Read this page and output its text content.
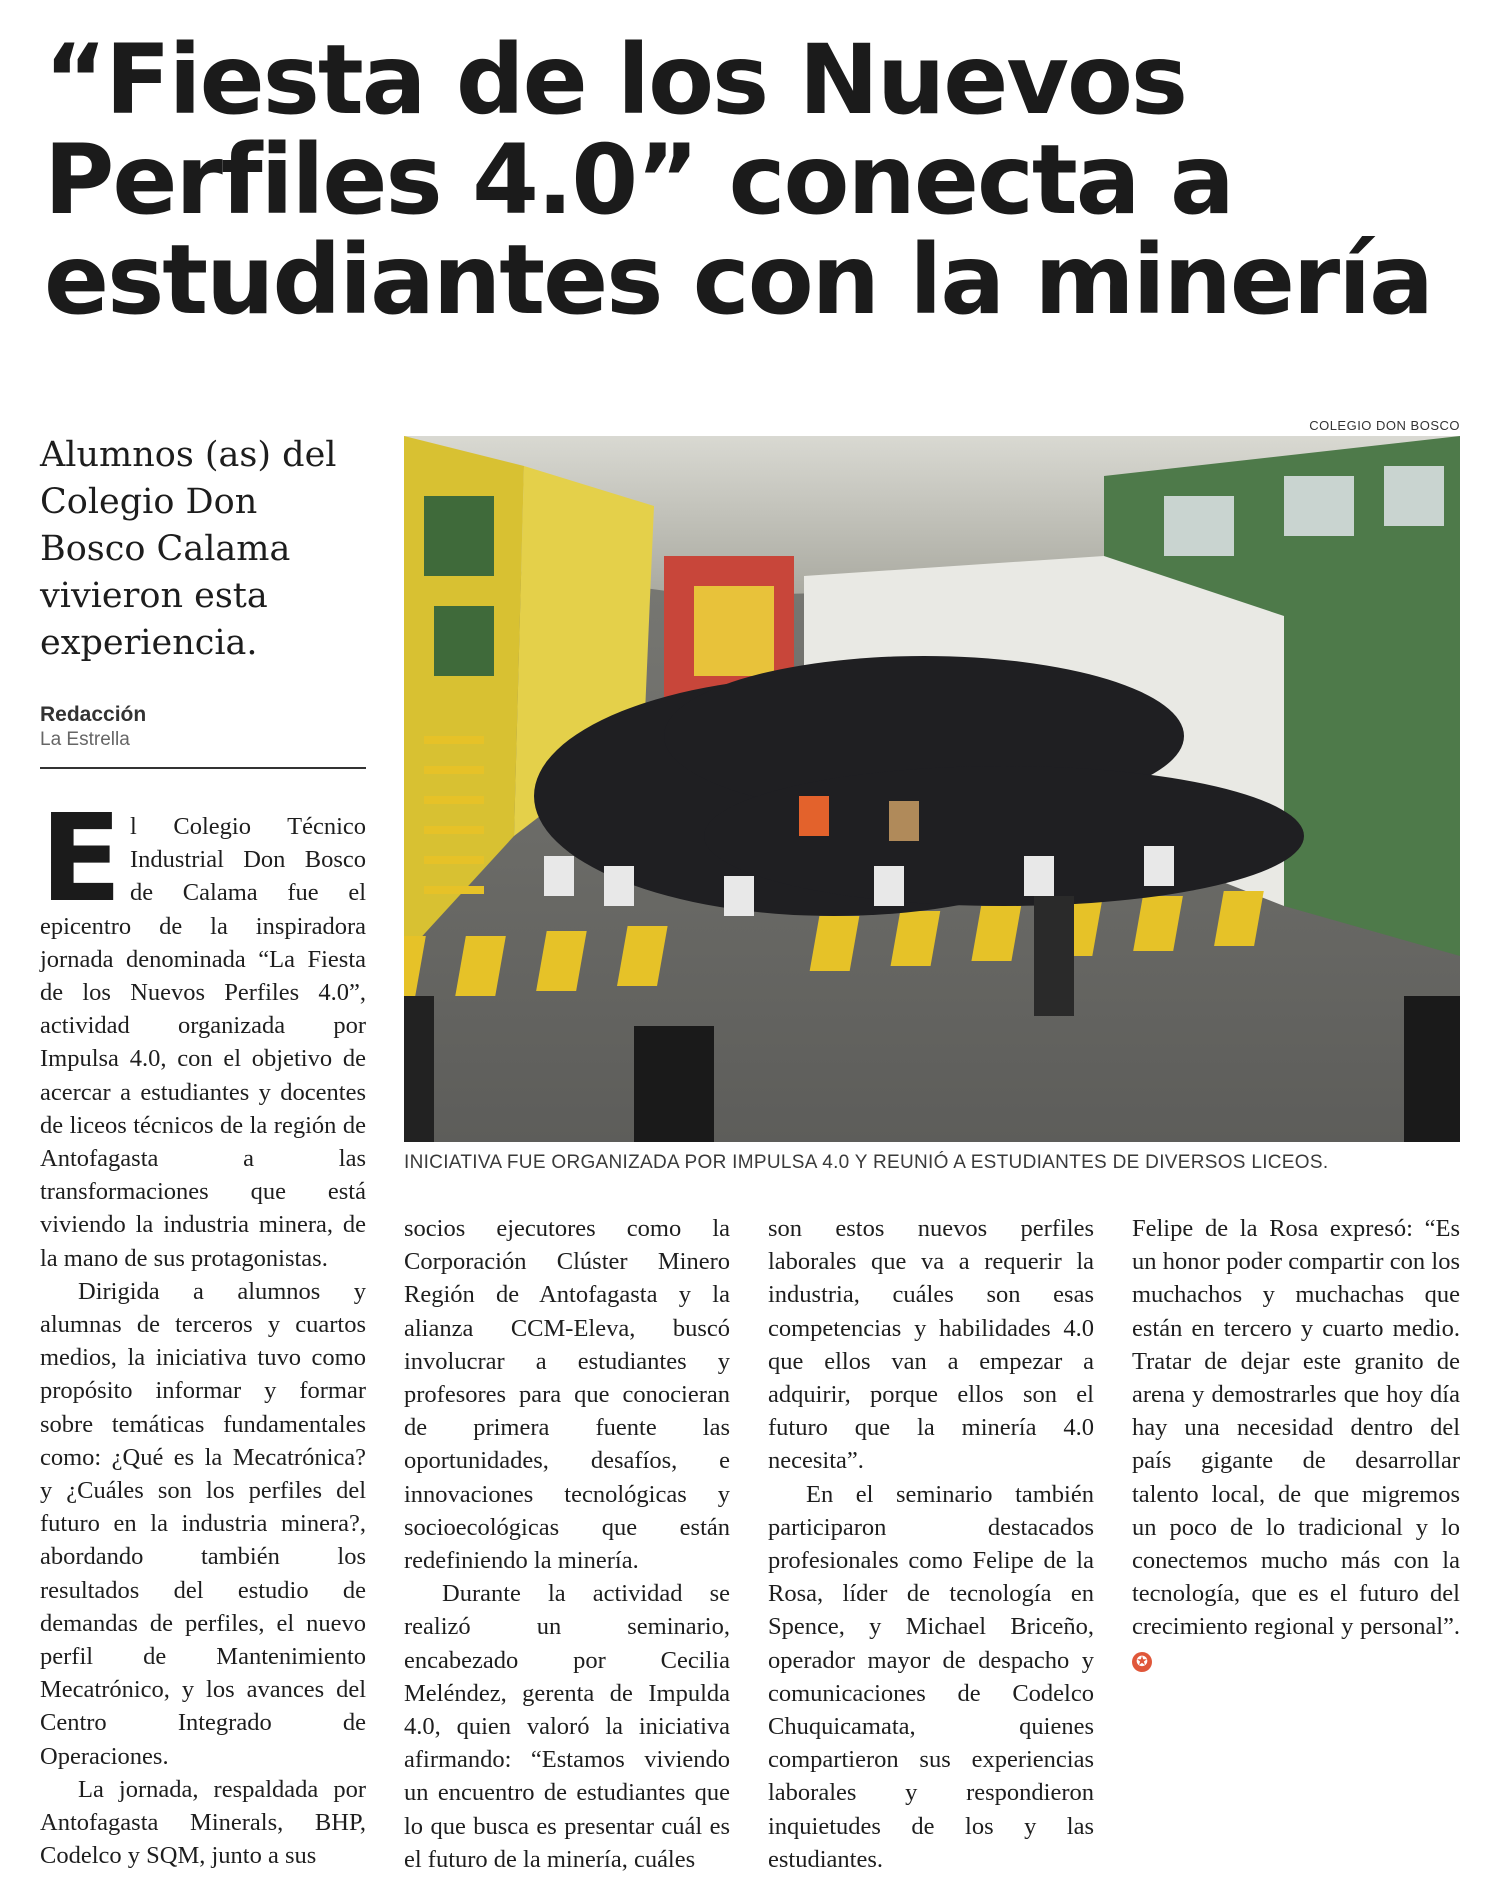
“Fiesta de los Nuevos
Perfiles 4.0” conecta a
estudiantes con la minería
COLEGIO DON BOSCO
INICIATIVA FUE ORGANIZADA POR IMPULSA 4.0 Y REUNIÓ A ESTUDIANTES DE DIVERSOS LICEOS.
Alumnos (as) del Colegio Don Bosco Calama vivieron esta experiencia.
Redacción
La Estrella

El Colegio Técnico Industrial Don Bosco de Calama fue el epicentro de la inspiradora jornada denominada “La Fiesta de los Nuevos Perfiles 4.0”, actividad organizada por Impulsa 4.0, con el objetivo de acercar a estudiantes y docentes de liceos técnicos de la región de Antofagasta a las transformaciones que está viviendo la industria minera, de la mano de sus protagonistas.

Dirigida a alumnos y alumnas de terceros y cuartos medios, la iniciativa tuvo como propósito informar y formar sobre temáticas fundamentales como: ¿Qué es la Mecatrónica? y ¿Cuáles son los perfiles del futuro en la industria minera?, abordando también los resultados del estudio de demandas de perfiles, el nuevo perfil de Mantenimiento Mecatrónico, y los avances del Centro Integrado de Operaciones.

La jornada, respaldada por Antofagasta Minerals, BHP, Codelco y SQM, junto a sus

socios ejecutores como la Corporación Clúster Minero Región de Antofagasta y la alianza CCM-Eleva, buscó involucrar a estudiantes y profesores para que conocieran de primera fuente las oportunidades, desafíos, e innovaciones tecnológicas y socioecológicas que están redefiniendo la minería.

Durante la actividad se realizó un seminario, encabezado por Cecilia Meléndez, gerenta de Impulda 4.0, quien valoró la iniciativa afirmando: “Estamos viviendo un encuentro de estudiantes que lo que busca es presentar cuál es el futuro de la minería, cuáles

son estos nuevos perfiles laborales que va a requerir la industria, cuáles son esas competencias y habilidades 4.0 que ellos van a empezar a adquirir, porque ellos son el futuro que la minería 4.0 necesita”.

En el seminario también participaron destacados profesionales como Felipe de la Rosa, líder de tecnología en Spence, y Michael Briceño, operador mayor de despacho y comunicaciones de Codelco Chuquicamata, quienes compartieron sus experiencias laborales y respondieron inquietudes de los y las estudiantes.

Felipe de la Rosa expresó: “Es un honor poder compartir con los muchachos y muchachas que están en tercero y cuarto medio. Tratar de dejar este granito de arena y demostrarles que hoy día hay una necesidad dentro del país gigante de desarrollar talento local, de que migremos un poco de lo tradicional y lo conectemos mucho más con la tecnología, que es el futuro del crecimiento regional y personal”. ✪
